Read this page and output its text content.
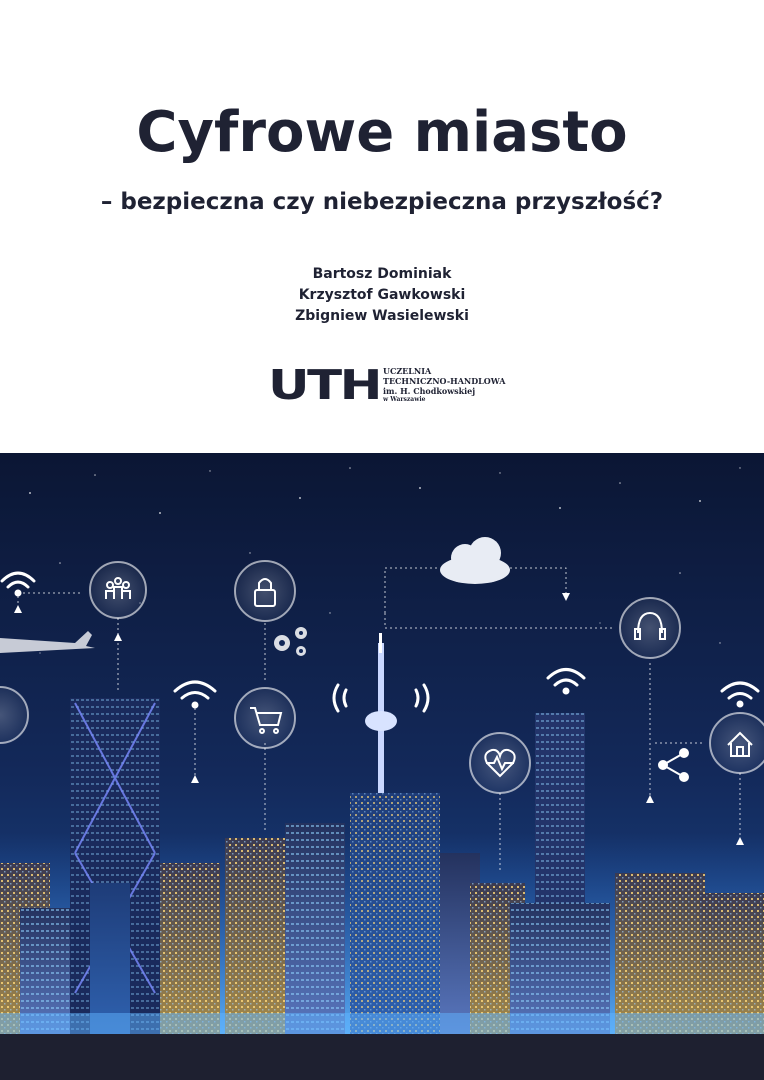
Cyfrowe miasto
– bezpieczna czy niebezpieczna przyszłość?
Bartosz Dominiak
Krzysztof Gawkowski
Zbigniew Wasielewski
UTH UCZELNIA
TECHNICZNO-HANDLOWA
im. H. Chodkowskiej
w Warszawie
